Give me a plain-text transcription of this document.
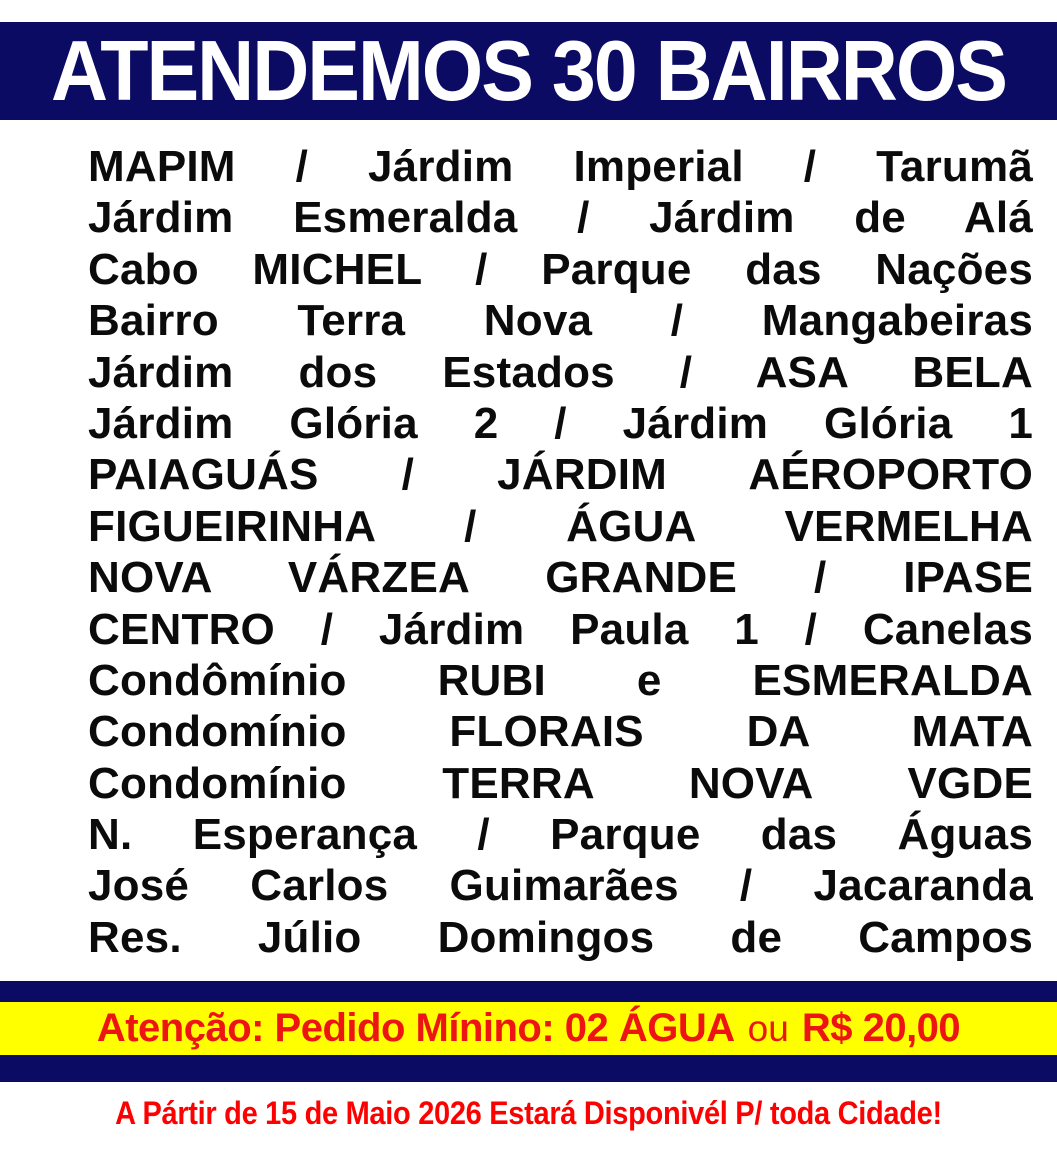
ATENDEMOS 30 BAIRROS
MAPIM / Járdim Imperial / Tarumã
Járdim Esmeralda / Járdim de Alá
Cabo MICHEL / Parque das Nações
Bairro Terra Nova / Mangabeiras
Járdim dos Estados / ASA BELA
Járdim Glória 2 / Járdim Glória 1
PAIAGUÁS / JÁRDIM AÉROPORTO
FIGUEIRINHA / ÁGUA VERMELHA
NOVA VÁRZEA GRANDE / IPASE
CENTRO / Járdim Paula 1 / Canelas
Condômínio RUBI e ESMERALDA
Condomínio FLORAIS DA MATA
Condomínio TERRA NOVA VGDE
N. Esperança / Parque das Águas
José Carlos Guimarães / Jacaranda
Res. Júlio Domingos de Campos
Atenção: Pedido Mínino: 02 ÁGUA ou R$ 20,00
A Pártir de 15 de Maio 2026 Estará Disponivél P/ toda Cidade!
